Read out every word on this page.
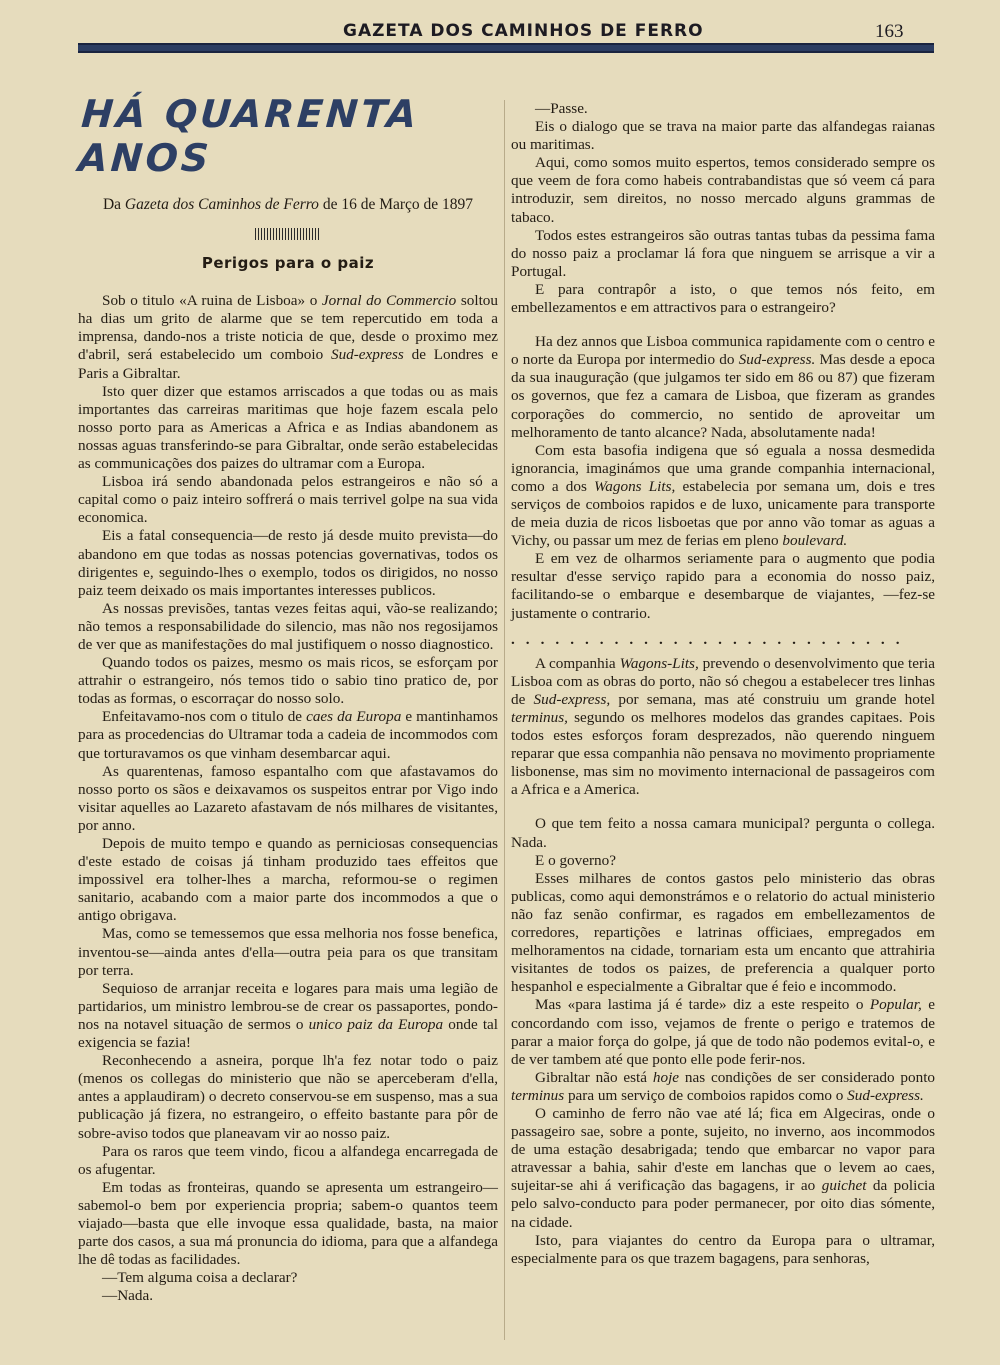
GAZETA DOS CAMINHOS DE FERRO	163
HÁ QUARENTA ANOS
Da Gazeta dos Caminhos de Ferro de 16 de Março de 1897
Perigos para o paiz

Sob o titulo «A ruina de Lisboa» o Jornal do Commercio soltou ha dias um grito de alarme que se tem repercutido em toda a imprensa, dando-nos a triste noticia de que, desde o proximo mez d'abril, será estabelecido um comboio Sud-express de Londres e Paris a Gibraltar.

Isto quer dizer que estamos arriscados a que todas ou as mais importantes das carreiras maritimas que hoje fazem escala pelo nosso porto para as Americas a Africa e as Indias abandonem as nossas aguas transferindo-se para Gibraltar, onde serão estabelecidas as communicações dos paizes do ultramar com a Europa.

Lisboa irá sendo abandonada pelos estrangeiros e não só a capital como o paiz inteiro soffrerá o mais terrivel golpe na sua vida economica.

Eis a fatal consequencia—de resto já desde muito prevista—do abandono em que todas as nossas potencias governativas, todos os dirigentes e, seguindo-lhes o exemplo, todos os dirigidos, no nosso paiz teem deixado os mais importantes interesses publicos.

As nossas previsões, tantas vezes feitas aqui, vão-se realizando; não temos a responsabilidade do silencio, mas não nos regosijamos de ver que as manifestações do mal justifiquem o nosso diagnostico.

Quando todos os paizes, mesmo os mais ricos, se esforçam por attrahir o estrangeiro, nós temos tido o sabio tino pratico de, por todas as formas, o escorraçar do nosso solo.

Enfeitavamo-nos com o titulo de caes da Europa e mantinhamos para as procedencias do Ultramar toda a cadeia de incommodos com que torturavamos os que vinham desembarcar aqui.

As quarentenas, famoso espantalho com que afastavamos do nosso porto os sãos e deixavamos os suspeitos entrar por Vigo indo visitar aquelles ao Lazareto afastavam de nós milhares de visitantes, por anno.

Depois de muito tempo e quando as perniciosas consequencias d'este estado de coisas já tinham produzido taes effeitos que impossivel era tolher-lhes a marcha, reformou-se o regimen sanitario, acabando com a maior parte dos incommodos a que o antigo obrigava.

Mas, como se temessemos que essa melhoria nos fosse benefica, inventou-se—ainda antes d'ella—outra peia para os que transitam por terra.

Sequioso de arranjar receita e logares para mais uma legião de partidarios, um ministro lembrou-se de crear os passaportes, pondo-nos na notavel situação de sermos o unico paiz da Europa onde tal exigencia se fazia!

Reconhecendo a asneira, porque lh'a fez notar todo o paiz (menos os collegas do ministerio que não se aperceberam d'ella, antes a applaudiram) o decreto conservou-se em suspenso, mas a sua publicação já fizera, no estrangeiro, o effeito bastante para pôr de sobre-aviso todos que planeavam vir ao nosso paiz.

Para os raros que teem vindo, ficou a alfandega encarregada de os afugentar.

Em todas as fronteiras, quando se apresenta um estrangeiro—sabemol-o bem por experiencia propria; sabem-o quantos teem viajado—basta que elle invoque essa qualidade, basta, na maior parte dos casos, a sua má pronuncia do idioma, para que a alfandega lhe dê todas as facilidades.

—Tem alguma coisa a declarar?

—Nada.

—Passe.

Eis o dialogo que se trava na maior parte das alfandegas raianas ou maritimas.

Aqui, como somos muito espertos, temos considerado sempre os que veem de fora como habeis contrabandistas que só veem cá para introduzir, sem direitos, no nosso mercado alguns grammas de tabaco.

Todos estes estrangeiros são outras tantas tubas da pessima fama do nosso paiz a proclamar lá fora que ninguem se arrisque a vir a Portugal.

E para contrapôr a isto, o que temos nós feito, em embellezamentos e em attractivos para o estrangeiro?

Ha dez annos que Lisboa communica rapidamente com o centro e o norte da Europa por intermedio do Sud-express. Mas desde a epoca da sua inauguração (que julgamos ter sido em 86 ou 87) que fizeram os governos, que fez a camara de Lisboa, que fizeram as grandes corporações do commercio, no sentido de aproveitar um melhoramento de tanto alcance? Nada, absolutamente nada!

Com esta basofia indigena que só eguala a nossa desmedida ignorancia, imaginámos que uma grande companhia internacional, como a dos Wagons Lits, estabelecia por semana um, dois e tres serviços de comboios rapidos e de luxo, unicamente para transporte de meia duzia de ricos lisboetas que por anno vão tomar as aguas a Vichy, ou passar um mez de ferias em pleno boulevard.

E em vez de olharmos seriamente para o augmento que podia resultar d'esse serviço rapido para a economia do nosso paiz, facilitando-se o embarque e desembarque de viajantes, —fez-se justamente o contrario.

...........................

A companhia Wagons-Lits, prevendo o desenvolvimento que teria Lisboa com as obras do porto, não só chegou a estabelecer tres linhas de Sud-express, por semana, mas até construiu um grande hotel terminus, segundo os melhores modelos das grandes capitaes. Pois todos estes esforços foram desprezados, não querendo ninguem reparar que essa companhia não pensava no movimento propriamente lisbonense, mas sim no movimento internacional de passageiros com a Africa e a America.

O que tem feito a nossa camara municipal? pergunta o collega. Nada.

E o governo?

Esses milhares de contos gastos pelo ministerio das obras publicas, como aqui demonstrámos e o relatorio do actual ministerio não faz senão confirmar, es ragados em embellezamentos de corredores, repartições e latrinas officiaes, empregados em melhoramentos na cidade, tornariam esta um encanto que attrahiria visitantes de todos os paizes, de preferencia a qualquer porto hespanhol e especialmente a Gibraltar que é feio e incommodo.

Mas «para lastima já é tarde» diz a este respeito o Popular, e concordando com isso, vejamos de frente o perigo e tratemos de parar a maior força do golpe, já que de todo não podemos evital-o, e de ver tambem até que ponto elle pode ferir-nos.

Gibraltar não está hoje nas condições de ser considerado ponto terminus para um serviço de comboios rapidos como o Sud-express.

O caminho de ferro não vae até lá; fica em Algeciras, onde o passageiro sae, sobre a ponte, sujeito, no inverno, aos incommodos de uma estação desabrigada; tendo que embarcar no vapor para atravessar a bahia, sahir d'este em lanchas que o levem ao caes, sujeitar-se ahi á verificação das bagagens, ir ao guichet da policia pelo salvo-conducto para poder permanecer, por oito dias sómente, na cidade.

Isto, para viajantes do centro da Europa para o ultramar, especialmente para os que trazem bagagens, para senhoras,
